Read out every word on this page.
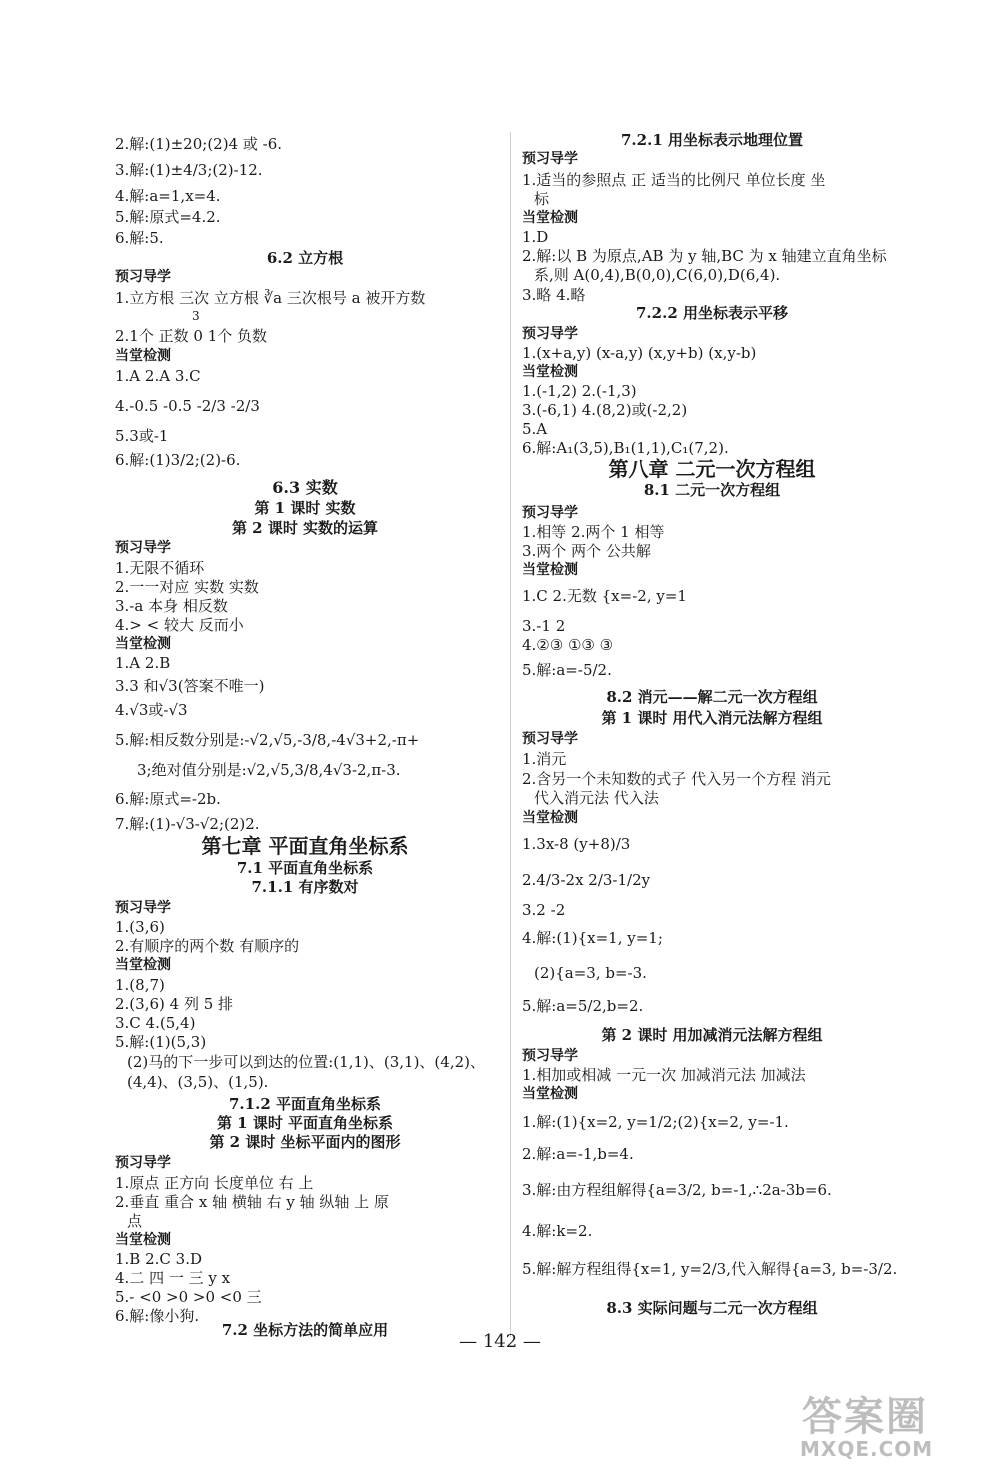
2.解:(1)±20;(2)4 或 -6.
3.解:(1)±4/3;(2)-12.
4.解:a=1,x=4.
5.解:原式=4.2.
6.解:5.
6.2 立方根
预习导学
1.立方根 三次 立方根 ∛a 三次根号 a 被开方数
3
2.1个 正数 0 1个 负数
当堂检测
1.A 2.A 3.C
4.-0.5 -0.5 -2/3 -2/3
5.3或-1
6.解:(1)3/2;(2)-6.
6.3 实数
第 1 课时 实数
第 2 课时 实数的运算
预习导学
1.无限不循环
2.一一对应 实数 实数
3.-a 本身 相反数
4.> < 较大 反而小
当堂检测
1.A 2.B
3.3 和√3(答案不唯一)
4.√3或-√3
5.解:相反数分别是:-√2,√5,-3/8,-4√3+2,-π+
3;绝对值分别是:√2,√5,3/8,4√3-2,π-3.
6.解:原式=-2b.
7.解:(1)-√3-√2;(2)2.
第七章 平面直角坐标系
7.1 平面直角坐标系
7.1.1 有序数对
预习导学
1.(3,6)
2.有顺序的两个数 有顺序的
当堂检测
1.(8,7)
2.(3,6) 4 列 5 排
3.C 4.(5,4)
5.解:(1)(5,3)
(2)马的下一步可以到达的位置:(1,1)、(3,1)、(4,2)、
(4,4)、(3,5)、(1,5).
7.1.2 平面直角坐标系
第 1 课时 平面直角坐标系
第 2 课时 坐标平面内的图形
预习导学
1.原点 正方向 长度单位 右 上
2.垂直 重合 x 轴 横轴 右 y 轴 纵轴 上 原
点
当堂检测
1.B 2.C 3.D
4.二 四 一 三 y x
5.- <0 >0 >0 <0 三
6.解:像小狗.
7.2 坐标方法的简单应用
7.2.1 用坐标表示地理位置
预习导学
1.适当的参照点 正 适当的比例尺 单位长度 坐
标
当堂检测
1.D
2.解:以 B 为原点,AB 为 y 轴,BC 为 x 轴建立直角坐标
系,则 A(0,4),B(0,0),C(6,0),D(6,4).
3.略 4.略
7.2.2 用坐标表示平移
预习导学
1.(x+a,y) (x-a,y) (x,y+b) (x,y-b)
当堂检测
1.(-1,2) 2.(-1,3)
3.(-6,1) 4.(8,2)或(-2,2)
5.A
6.解:A₁(3,5),B₁(1,1),C₁(7,2).
第八章 二元一次方程组
8.1 二元一次方程组
预习导学
1.相等 2.两个 1 相等
3.两个 两个 公共解
当堂检测
1.C 2.无数 {x=-2, y=1
3.-1 2
4.②③ ①③ ③
5.解:a=-5/2.
8.2 消元——解二元一次方程组
第 1 课时 用代入消元法解方程组
预习导学
1.消元
2.含另一个未知数的式子 代入另一个方程 消元
代入消元法 代入法
当堂检测
1.3x-8 (y+8)/3
2.4/3-2x 2/3-1/2y
3.2 -2
4.解:(1){x=1, y=1;
(2){a=3, b=-3.
5.解:a=5/2,b=2.
第 2 课时 用加减消元法解方程组
预习导学
1.相加或相减 一元一次 加减消元法 加减法
当堂检测
1.解:(1){x=2, y=1/2;(2){x=2, y=-1.
2.解:a=-1,b=4.
3.解:由方程组解得{a=3/2, b=-1,∴2a-3b=6.
4.解:k=2.
5.解:解方程组得{x=1, y=2/3,代入解得{a=3, b=-3/2.
8.3 实际问题与二元一次方程组
— 142 —
答案圈
MXQE.COM
